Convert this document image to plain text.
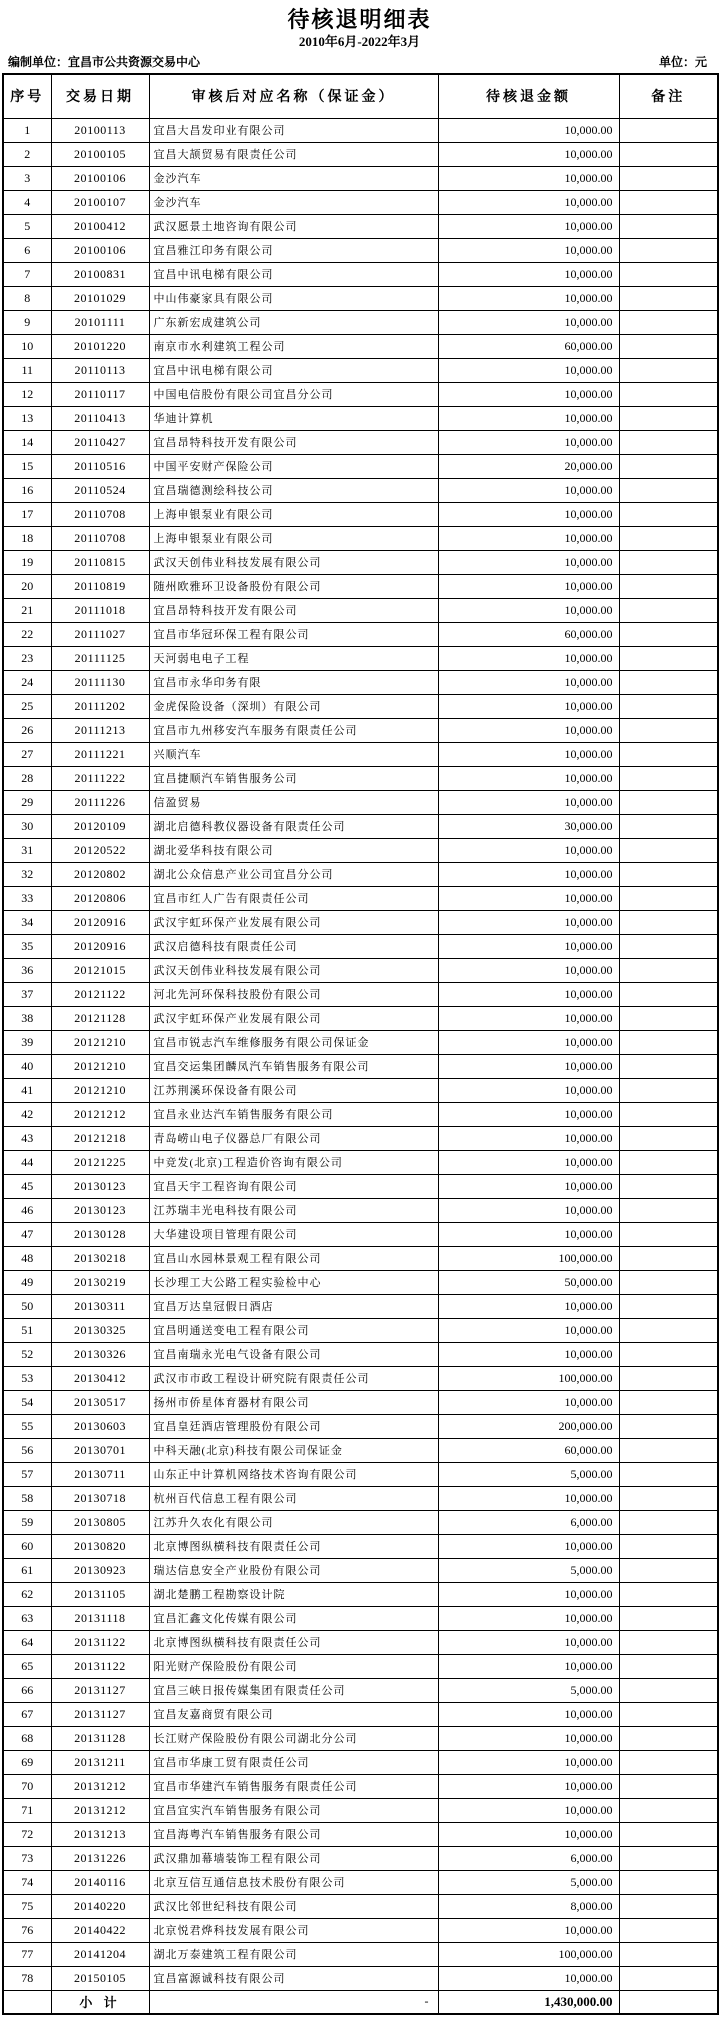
待核退明细表
2010年6月-2022年3月
编制单位：宜昌市公共资源交易中心	单位：元
序号	交易日期	审核后对应名称（保证金）	待核退金额	备注
1	20100113	宜昌大昌发印业有限公司	10,000.00	
2	20100105	宜昌大颉贸易有限责任公司	10,000.00	
3	20100106	金沙汽车	10,000.00	
4	20100107	金沙汽车	10,000.00	
5	20100412	武汉愿景土地咨询有限公司	10,000.00	
6	20100106	宜昌雅江印务有限公司	10,000.00	
7	20100831	宜昌中讯电梯有限公司	10,000.00	
8	20101029	中山伟豪家具有限公司	10,000.00	
9	20101111	广东新宏成建筑公司	10,000.00	
10	20101220	南京市水利建筑工程公司	60,000.00	
11	20110113	宜昌中讯电梯有限公司	10,000.00	
12	20110117	中国电信股份有限公司宜昌分公司	10,000.00	
13	20110413	华迪计算机	10,000.00	
14	20110427	宜昌昂特科技开发有限公司	10,000.00	
15	20110516	中国平安财产保险公司	20,000.00	
16	20110524	宜昌瑞德测绘科技公司	10,000.00	
17	20110708	上海申银泵业有限公司	10,000.00	
18	20110708	上海申银泵业有限公司	10,000.00	
19	20110815	武汉天创伟业科技发展有限公司	10,000.00	
20	20110819	随州欧雅环卫设备股份有限公司	10,000.00	
21	20111018	宜昌昂特科技开发有限公司	10,000.00	
22	20111027	宜昌市华冠环保工程有限公司	60,000.00	
23	20111125	天河弱电电子工程	10,000.00	
24	20111130	宜昌市永华印务有限	10,000.00	
25	20111202	金虎保险设备（深圳）有限公司	10,000.00	
26	20111213	宜昌市九州移安汽车服务有限责任公司	10,000.00	
27	20111221	兴顺汽车	10,000.00	
28	20111222	宜昌捷顺汽车销售服务公司	10,000.00	
29	20111226	信盈贸易	10,000.00	
30	20120109	湖北启德科教仪器设备有限责任公司	30,000.00	
31	20120522	湖北爱华科技有限公司	10,000.00	
32	20120802	湖北公众信息产业公司宜昌分公司	10,000.00	
33	20120806	宜昌市红人广告有限责任公司	10,000.00	
34	20120916	武汉宇虹环保产业发展有限公司	10,000.00	
35	20120916	武汉启德科技有限责任公司	10,000.00	
36	20121015	武汉天创伟业科技发展有限公司	10,000.00	
37	20121122	河北先河环保科技股份有限公司	10,000.00	
38	20121128	武汉宇虹环保产业发展有限公司	10,000.00	
39	20121210	宜昌市锐志汽车维修服务有限公司保证金	10,000.00	
40	20121210	宜昌交运集团麟凤汽车销售服务有限公司	10,000.00	
41	20121210	江苏荆溪环保设备有限公司	10,000.00	
42	20121212	宜昌永业达汽车销售服务有限公司	10,000.00	
43	20121218	青岛崂山电子仪器总厂有限公司	10,000.00	
44	20121225	中竞发(北京)工程造价咨询有限公司	10,000.00	
45	20130123	宜昌天宇工程咨询有限公司	10,000.00	
46	20130123	江苏瑞丰光电科技有限公司	10,000.00	
47	20130128	大华建设项目管理有限公司	10,000.00	
48	20130218	宜昌山水园林景观工程有限公司	100,000.00	
49	20130219	长沙理工大公路工程实验检中心	50,000.00	
50	20130311	宜昌万达皇冠假日酒店	10,000.00	
51	20130325	宜昌明通送变电工程有限公司	10,000.00	
52	20130326	宜昌南瑞永光电气设备有限公司	10,000.00	
53	20130412	武汉市市政工程设计研究院有限责任公司	100,000.00	
54	20130517	扬州市侨星体育器材有限公司	10,000.00	
55	20130603	宜昌皇廷酒店管理股份有限公司	200,000.00	
56	20130701	中科天融(北京)科技有限公司保证金	60,000.00	
57	20130711	山东正中计算机网络技术咨询有限公司	5,000.00	
58	20130718	杭州百代信息工程有限公司	10,000.00	
59	20130805	江苏升久农化有限公司	6,000.00	
60	20130820	北京博图纵横科技有限责任公司	10,000.00	
61	20130923	瑞达信息安全产业股份有限公司	5,000.00	
62	20131105	湖北楚鹏工程勘察设计院	10,000.00	
63	20131118	宜昌汇鑫文化传媒有限公司	10,000.00	
64	20131122	北京博图纵横科技有限责任公司	10,000.00	
65	20131122	阳光财产保险股份有限公司	10,000.00	
66	20131127	宜昌三峡日报传媒集团有限责任公司	5,000.00	
67	20131127	宜昌友嘉商贸有限公司	10,000.00	
68	20131128	长江财产保险股份有限公司湖北分公司	10,000.00	
69	20131211	宜昌市华康工贸有限责任公司	10,000.00	
70	20131212	宜昌市华建汽车销售服务有限责任公司	10,000.00	
71	20131212	宜昌宜实汽车销售服务有限公司	10,000.00	
72	20131213	宜昌海粤汽车销售服务有限公司	10,000.00	
73	20131226	武汉鼎加幕墙装饰工程有限公司	6,000.00	
74	20140116	北京互信互通信息技术股份有限公司	5,000.00	
75	20140220	武汉比邻世纪科技有限公司	8,000.00	
76	20140422	北京悦君烨科技发展有限公司	10,000.00	
77	20141204	湖北万泰建筑工程有限公司	100,000.00	
78	20150105	宜昌富源诚科技有限公司	10,000.00	
	小 计	-	1,430,000.00	
